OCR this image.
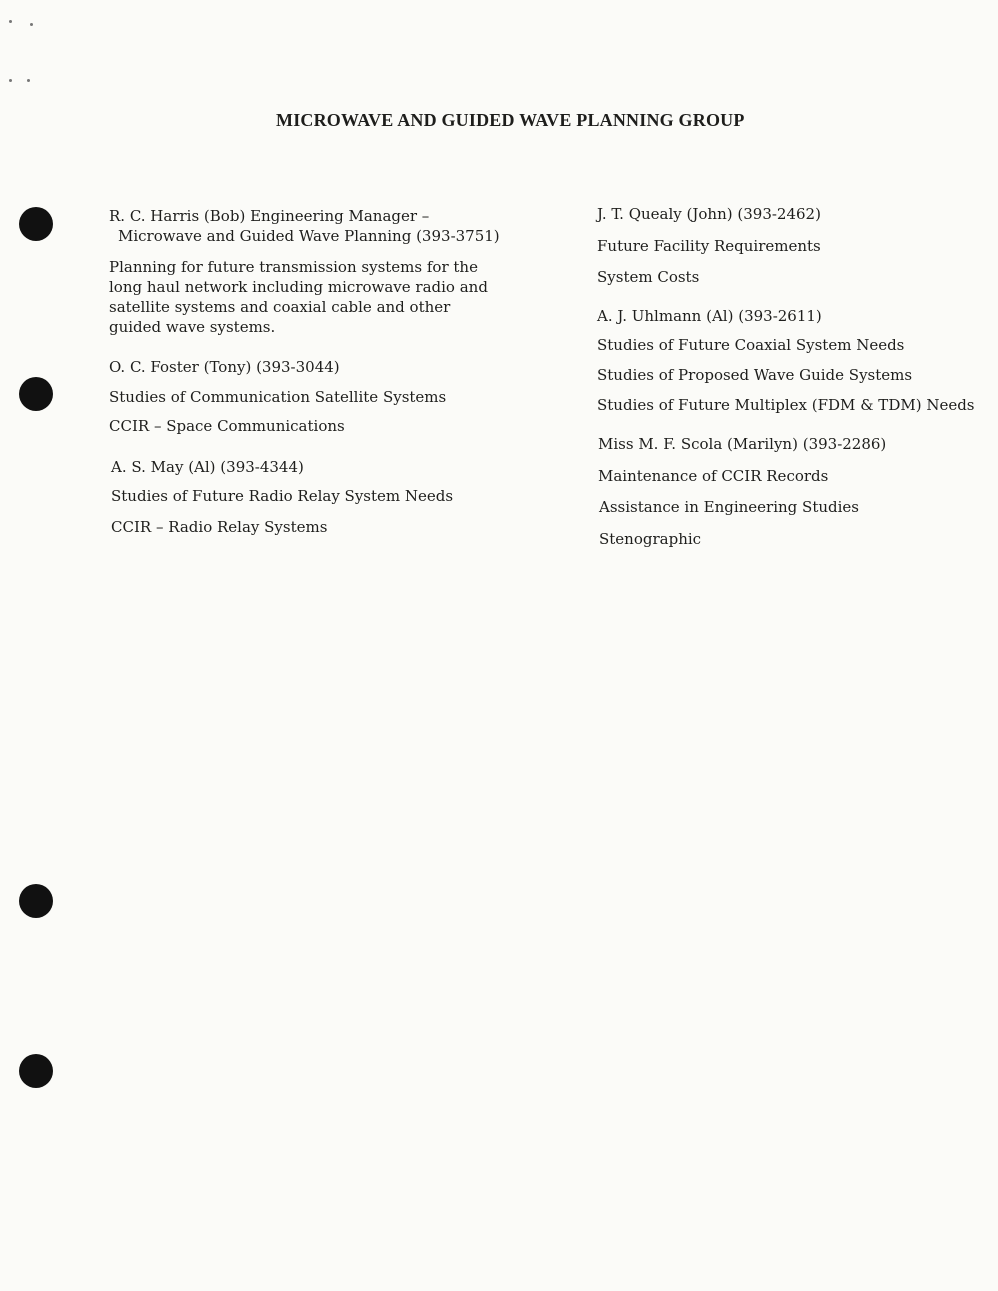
MICROWAVE AND GUIDED WAVE PLANNING GROUP
R. C. Harris (Bob) Engineering Manager –
Microwave and Guided Wave Planning (393-3751)
Planning for future transmission systems for the
long haul network including microwave radio and
satellite systems and coaxial cable and other
guided wave systems.
O. C. Foster (Tony) (393-3044)
Studies of Communication Satellite Systems
CCIR – Space Communications
A. S. May (Al) (393-4344)
Studies of Future Radio Relay System Needs
CCIR – Radio Relay Systems
J. T. Quealy (John) (393-2462)
Future Facility Requirements
System Costs
A. J. Uhlmann (Al) (393-2611)
Studies of Future Coaxial System Needs
Studies of Proposed Wave Guide Systems
Studies of Future Multiplex (FDM & TDM) Needs
Miss M. F. Scola (Marilyn) (393-2286)
Maintenance of CCIR Records
Assistance in Engineering Studies
Stenographic
